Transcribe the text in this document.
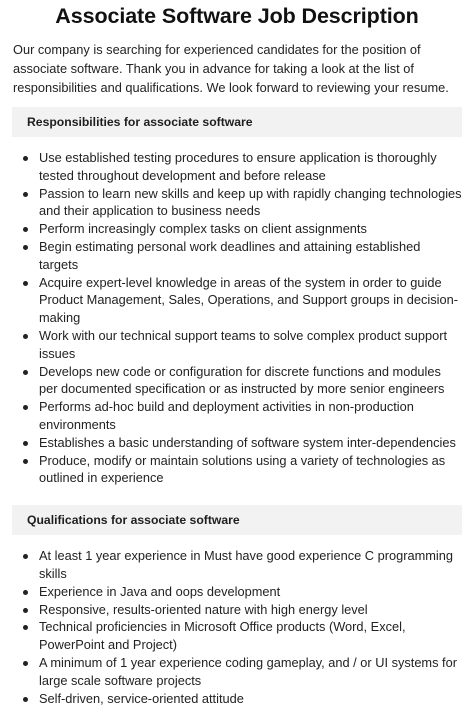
Associate Software Job Description

Our company is searching for experienced candidates for the position of associate software. Thank you in advance for taking a look at the list of responsibilities and qualifications. We look forward to reviewing your resume.

Responsibilities for associate software
Use established testing procedures to ensure application is thoroughly tested throughout development and before release
Passion to learn new skills and keep up with rapidly changing technologies and their application to business needs
Perform increasingly complex tasks on client assignments
Begin estimating personal work deadlines and attaining established targets
Acquire expert-level knowledge in areas of the system in order to guide Product Management, Sales, Operations, and Support groups in decision-making
Work with our technical support teams to solve complex product support issues
Develops new code or configuration for discrete functions and modules per documented specification or as instructed by more senior engineers
Performs ad-hoc build and deployment activities in non-production environments
Establishes a basic understanding of software system inter-dependencies
Produce, modify or maintain solutions using a variety of technologies as outlined in experience
Qualifications for associate software
At least 1 year experience in Must have good experience C programming skills
Experience in Java and oops development
Responsive, results-oriented nature with high energy level
Technical proficiencies in Microsoft Office products (Word, Excel, PowerPoint and Project)
A minimum of 1 year experience coding gameplay, and / or UI systems for large scale software projects
Self-driven, service-oriented attitude
